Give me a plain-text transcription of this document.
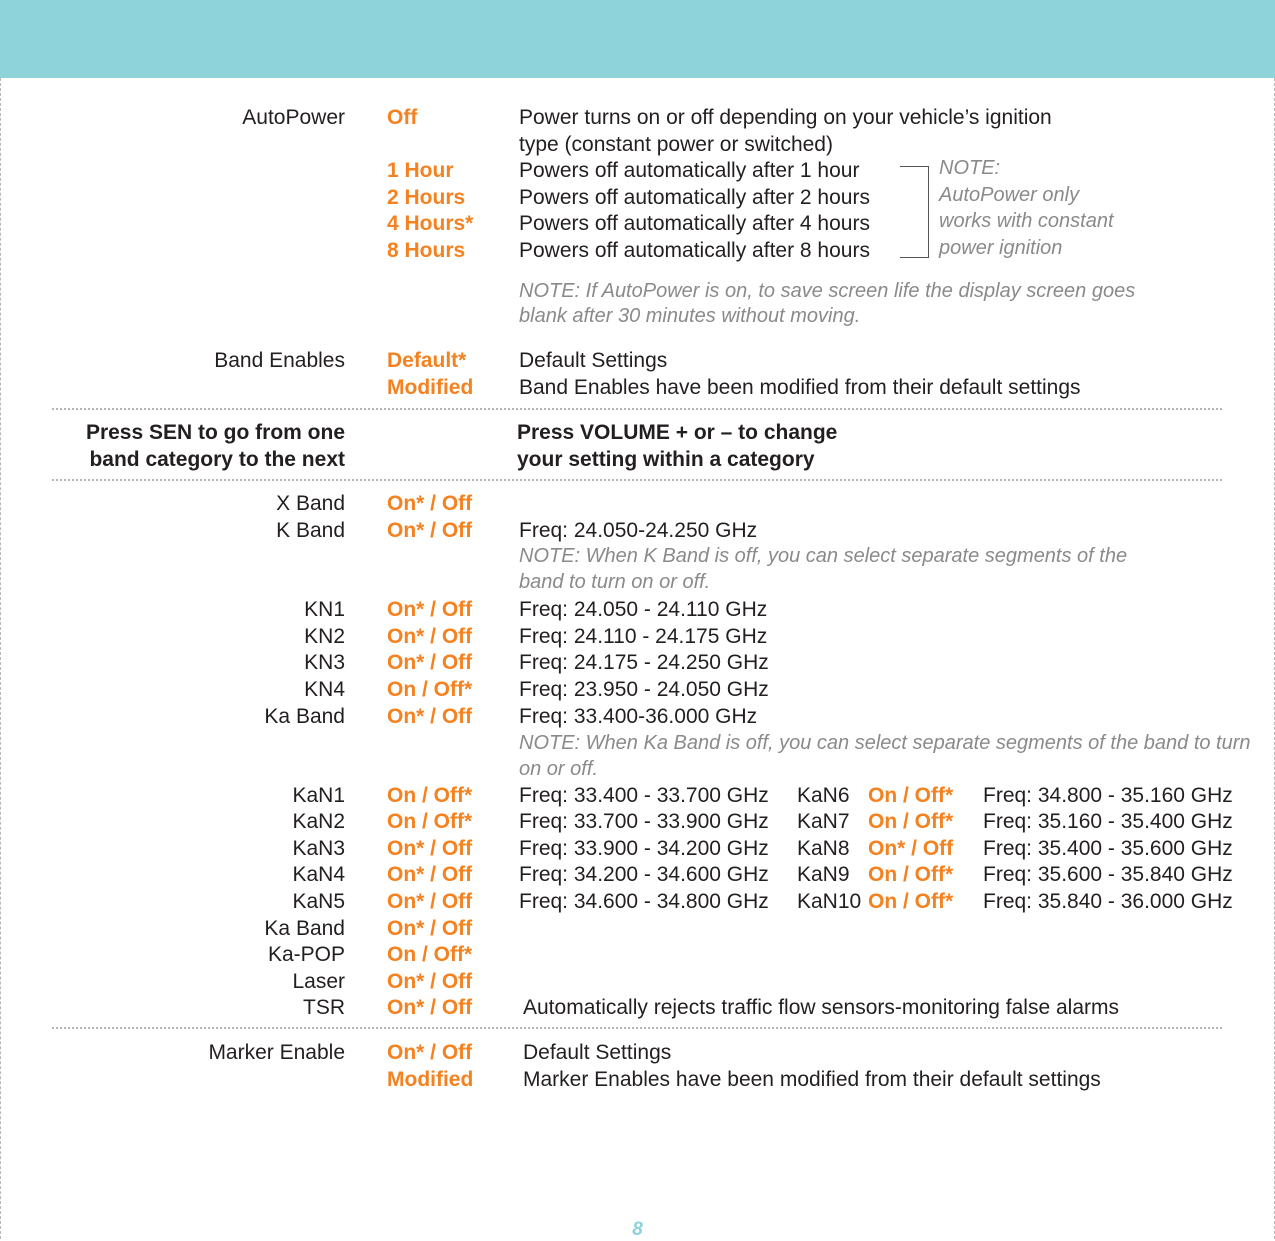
AutoPower Off	Power turns on or off depending on your vehicle’s ignition
type (constant power or switched)
1 Hour	Powers off automatically after 1 hour
2 Hours	Powers off automatically after 2 hours
4 Hours* Powers off automatically after 4 hours
8 Hours	Powers off automatically after 8 hours
NOTE:
AutoPower only
works with constant
power ignition
NOTE: If AutoPower is on, to save screen life the display screen goes
blank after 30 minutes without moving.
Band Enables Default*	Default Settings
Modified Band Enables have been modified from their default settings
Press SEN to go from one
band category to the next
Press VOLUME + or – to change
your setting within a category
X Band On* / Off
K Band On* / Off Freq: 24.050-24.250 GHz
NOTE: When K Band is off, you can select separate segments of the
band to turn on or off.
KN1 On* / Off Freq: 24.050 - 24.110 GHz
KN2 On* / Off Freq: 24.110 - 24.175 GHz
KN3 On* / Off Freq: 24.175 - 24.250 GHz
KN4 On / Off* Freq: 23.950 - 24.050 GHz
Ka Band On* / Off Freq: 33.400-36.000 GHz
NOTE: When Ka Band is off, you can select separate segments of the band to turn
on or off.
KaN1 On / Off* Freq: 33.400 - 33.700 GHz
KaN2 On / Off* Freq: 33.700 - 33.900 GHz
KaN3 On* / Off Freq: 33.900 - 34.200 GHz
KaN4 On* / Off Freq: 34.200 - 34.600 GHz
KaN5 On* / Off Freq: 34.600 - 34.800 GHz
KaN6 On / Off* Freq: 34.800 - 35.160 GHz
KaN7 On / Off* Freq: 35.160 - 35.400 GHz
KaN8 On* / Off Freq: 35.400 - 35.600 GHz
KaN9 On / Off* Freq: 35.600 - 35.840 GHz
KaN10 On / Off* Freq: 35.840 - 36.000 GHz
Ka Band On* / Off
Ka-POP On / Off*
Laser On* / Off
TSR On* / Off Automatically rejects traffic flow sensors-monitoring false alarms
Marker Enable On* / Off Default Settings
Modified Marker Enables have been modified from their default settings
8
